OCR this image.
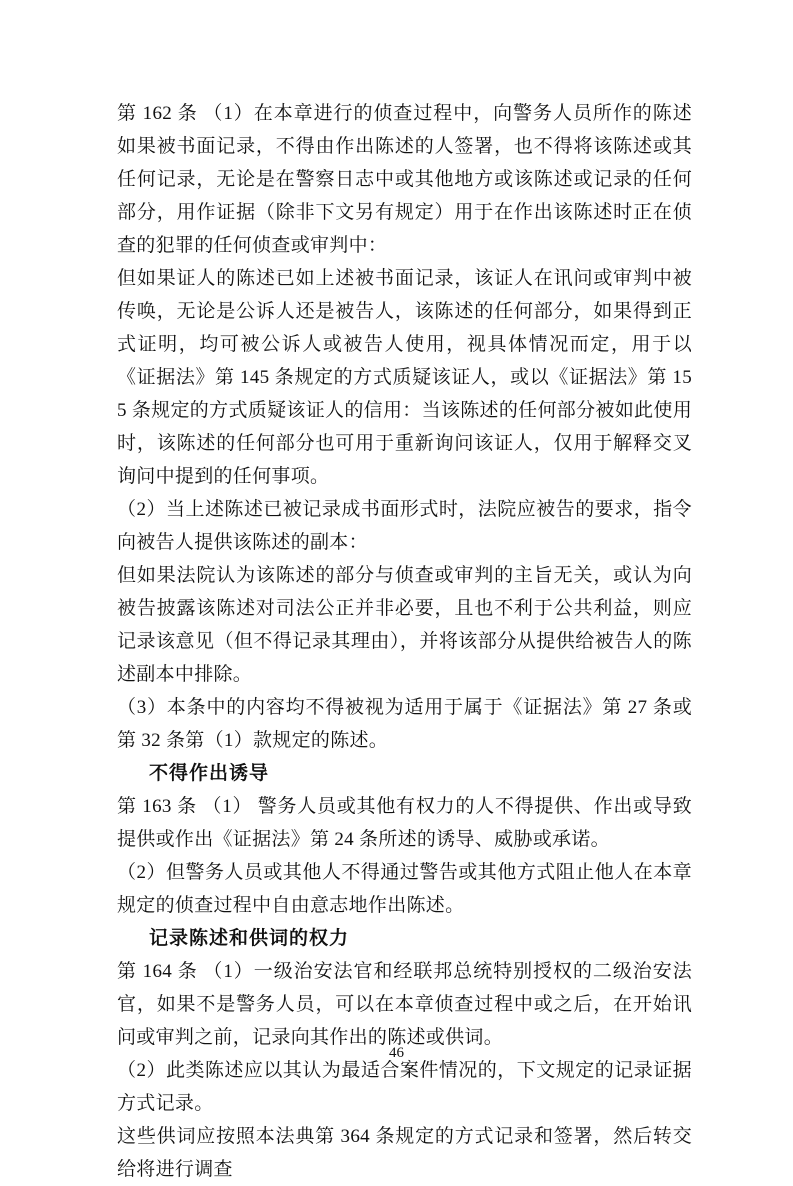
第 162 条 （1）在本章进行的侦查过程中，向警务人员所作的陈述如果被书面记录，不得由作出陈述的人签署，也不得将该陈述或其任何记录，无论是在警察日志中或其他地方或该陈述或记录的任何部分，用作证据（除非下文另有规定）用于在作出该陈述时正在侦查的犯罪的任何侦查或审判中：

但如果证人的陈述已如上述被书面记录，该证人在讯问或审判中被传唤，无论是公诉人还是被告人，该陈述的任何部分，如果得到正式证明，均可被公诉人或被告人使用，视具体情况而定，用于以《证据法》第 145 条规定的方式质疑该证人，或以《证据法》第 155 条规定的方式质疑该证人的信用：当该陈述的任何部分被如此使用时，该陈述的任何部分也可用于重新询问该证人，仅用于解释交叉询问中提到的任何事项。

（2）当上述陈述已被记录成书面形式时，法院应被告的要求，指令向被告人提供该陈述的副本：

但如果法院认为该陈述的部分与侦查或审判的主旨无关，或认为向被告披露该陈述对司法公正并非必要，且也不利于公共利益，则应记录该意见（但不得记录其理由），并将该部分从提供给被告人的陈述副本中排除。

（3）本条中的内容均不得被视为适用于属于《证据法》第 27 条或第 32 条第（1）款规定的陈述。

不得作出诱导

第 163 条 （1） 警务人员或其他有权力的人不得提供、作出或导致提供或作出《证据法》第 24 条所述的诱导、威胁或承诺。

（2）但警务人员或其他人不得通过警告或其他方式阻止他人在本章规定的侦查过程中自由意志地作出陈述。

记录陈述和供词的权力

第 164 条 （1）一级治安法官和经联邦总统特别授权的二级治安法官，如果不是警务人员，可以在本章侦查过程中或之后，在开始讯问或审判之前，记录向其作出的陈述或供词。

（2）此类陈述应以其认为最适合案件情况的，下文规定的记录证据方式记录。

这些供词应按照本法典第 364 条规定的方式记录和签署，然后转交给将进行调查

46
